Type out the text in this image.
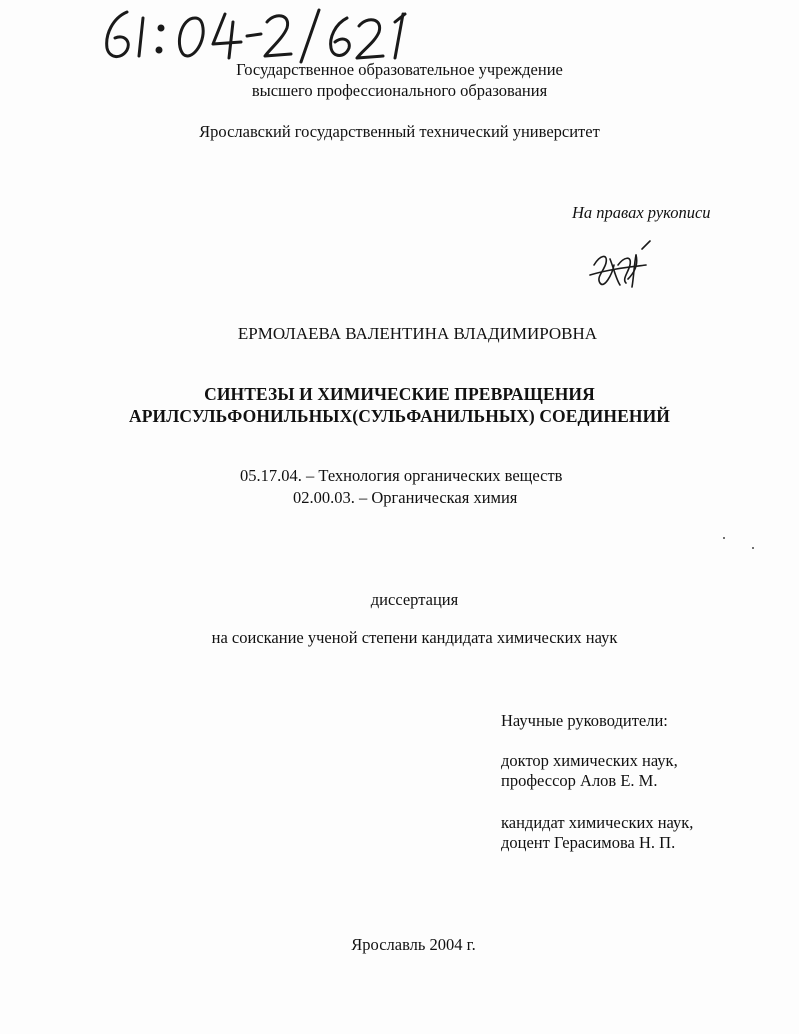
Государственное образовательное учреждение
высшего профессионального образования
Ярославский государственный технический университет
На правах рукописи
ЕРМОЛАЕВА ВАЛЕНТИНА ВЛАДИМИРОВНА
СИНТЕЗЫ И ХИМИЧЕСКИЕ ПРЕВРАЩЕНИЯ
АРИЛСУЛЬФОНИЛЬНЫХ(СУЛЬФАНИЛЬНЫХ) СОЕДИНЕНИЙ
05.17.04. – Технология органических веществ
02.00.03. – Органическая химия
диссертация
на соискание ученой степени кандидата химических наук
Научные руководители:
доктор химических наук,
профессор Алов Е. М.
кандидат химических наук,
доцент Герасимова Н. П.
Ярославль 2004 г.
